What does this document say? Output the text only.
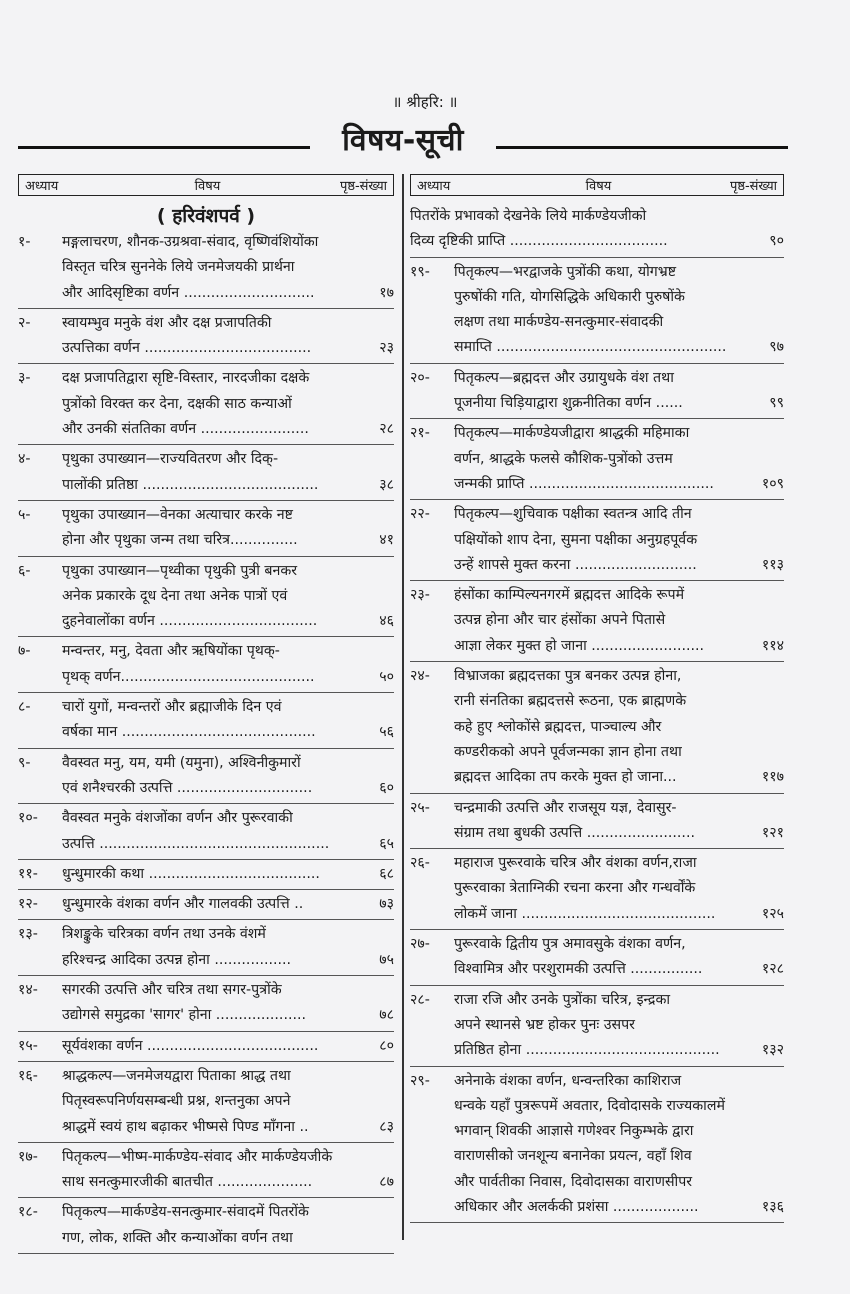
॥ श्रीहरि: ॥
विषय-सूची
अध्याय	विषय	पृष्ठ-संख्या
( हरिवंशपर्व )
१-	मङ्गलाचरण, शौनक-उग्रश्रवा-संवाद, वृष्णिवंशियोंका
विस्तृत चरित्र सुननेके लिये जनमेजयकी प्रार्थना
और आदिसृष्टिका वर्णन .............................	१७
२-	स्वायम्भुव मनुके वंश और दक्ष प्रजापतिकी
उत्पत्तिका वर्णन .....................................	२३
३-	दक्ष प्रजापतिद्वारा सृष्टि-विस्तार, नारदजीका दक्षके
पुत्रोंको विरक्त कर देना, दक्षकी साठ कन्याओं
और उनकी संततिका वर्णन ........................	२८
४-	पृथुका उपाख्यान—राज्यवितरण और दिक्-
पालोंकी प्रतिष्ठा .......................................	३८
५-	पृथुका उपाख्यान—वेनका अत्याचार करके नष्ट
होना और पृथुका जन्म तथा चरित्र...............	४१
६-	पृथुका उपाख्यान—पृथ्वीका पृथुकी पुत्री बनकर
अनेक प्रकारके दूध देना तथा अनेक पात्रों एवं
दुहनेवालोंका वर्णन ...................................	४६
७-	मन्वन्तर, मनु, देवता और ऋषियोंका पृथक्-
पृथक् वर्णन...........................................	५०
८-	चारों युगों, मन्वन्तरों और ब्रह्माजीके दिन एवं
वर्षका मान ...........................................	५६
९-	वैवस्वत मनु, यम, यमी (यमुना), अश्विनीकुमारों
एवं शनैश्चरकी उत्पत्ति ..............................	६०
१०-	वैवस्वत मनुके वंशजोंका वर्णन और पुरूरवाकी
उत्पत्ति ...................................................	६५
११-	धुन्धुमारकी कथा ......................................	६८
१२-	धुन्धुमारके वंशका वर्णन और गालवकी उत्पत्ति ..	७३
१३-	त्रिशङ्कुके चरित्रका वर्णन तथा उनके वंशमें
हरिश्चन्द्र आदिका उत्पन्न होना .................	७५
१४-	सगरकी उत्पत्ति और चरित्र तथा सगर-पुत्रोंके
उद्योगसे समुद्रका 'सागर' होना ....................	७८
१५-	सूर्यवंशका वर्णन ......................................	८०
१६-	श्राद्धकल्प—जनमेजयद्वारा पिताका श्राद्ध तथा
पितृस्वरूपनिर्णयसम्बन्धी प्रश्न, शन्तनुका अपने
श्राद्धमें स्वयं हाथ बढ़ाकर भीष्मसे पिण्ड माँगना ..	८३
१७-	पितृकल्प—भीष्म-मार्कण्डेय-संवाद और मार्कण्डेयजीके
साथ सनत्कुमारजीकी बातचीत .....................	८७
१८-	पितृकल्प—मार्कण्डेय-सनत्कुमार-संवादमें पितरोंके
गण, लोक, शक्ति और कन्याओंका वर्णन तथा
अध्याय	विषय	पृष्ठ-संख्या
पितरोंके प्रभावको देखनेके लिये मार्कण्डेयजीको
दिव्य दृष्टिकी प्राप्ति ...................................	९०
१९-	पितृकल्प—भरद्वाजके पुत्रोंकी कथा, योगभ्रष्ट
पुरुषोंकी गति, योगसिद्धिके अधिकारी पुरुषोंके
लक्षण तथा मार्कण्डेय-सनत्कुमार-संवादकी
समाप्ति ...................................................	९७
२०-	पितृकल्प—ब्रह्मदत्त और उग्रायुधके वंश तथा
पूजनीया चिड़ियाद्वारा शुक्रनीतिका वर्णन ......	९९
२१-	पितृकल्प—मार्कण्डेयजीद्वारा श्राद्धकी महिमाका
वर्णन, श्राद्धके फलसे कौशिक-पुत्रोंको उत्तम
जन्मकी प्राप्ति .........................................	१०९
२२-	पितृकल्प—शुचिवाक पक्षीका स्वतन्त्र आदि तीन
पक्षियोंको शाप देना, सुमना पक्षीका अनुग्रहपूर्वक
उन्हें शापसे मुक्त करना ...........................	११३
२३-	हंसोंका काम्पिल्यनगरमें ब्रह्मदत्त आदिके रूपमें
उत्पन्न होना और चार हंसोंका अपने पितासे
आज्ञा लेकर मुक्त हो जाना .........................	११४
२४-	विभ्राजका ब्रह्मदत्तका पुत्र बनकर उत्पन्न होना,
रानी संनतिका ब्रह्मदत्तसे रूठना, एक ब्राह्मणके
कहे हुए श्लोकोंसे ब्रह्मदत्त, पाञ्चाल्य और
कण्डरीकको अपने पूर्वजन्मका ज्ञान होना तथा
ब्रह्मदत्त आदिका तप करके मुक्त हो जाना...	११७
२५-	चन्द्रमाकी उत्पत्ति और राजसूय यज्ञ, देवासुर-
संग्राम तथा बुधकी उत्पत्ति ........................	१२१
२६-	महाराज पुरूरवाके चरित्र और वंशका वर्णन,राजा
पुरूरवाका त्रेताग्निकी रचना करना और गन्धर्वोंके
लोकमें जाना ...........................................	१२५
२७-	पुरूरवाके द्वितीय पुत्र अमावसुके वंशका वर्णन,
विश्वामित्र और परशुरामकी उत्पत्ति ................	१२८
२८-	राजा रजि और उनके पुत्रोंका चरित्र, इन्द्रका
अपने स्थानसे भ्रष्ट होकर पुनः उसपर
प्रतिष्ठित होना ...........................................	१३२
२९-	अनेनाके वंशका वर्णन, धन्वन्तरिका काशिराज
धन्वके यहाँ पुत्ररूपमें अवतार, दिवोदासके राज्यकालमें
भगवान् शिवकी आज्ञासे गणेश्वर निकुम्भके द्वारा
वाराणसीको जनशून्य बनानेका प्रयत्न, वहाँ शिव
और पार्वतीका निवास, दिवोदासका वाराणसीपर
अधिकार और अलर्ककी प्रशंसा ...................	१३६
